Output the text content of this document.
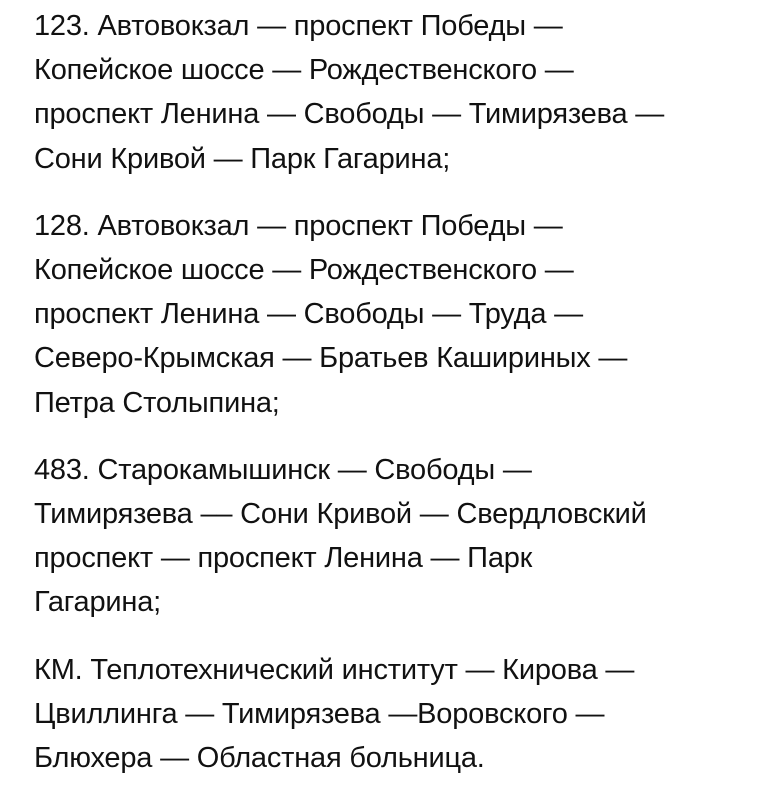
123. Автовокзал — проспект Победы —
Копейское шоссе — Рождественского —
проспект Ленина — Свободы — Тимирязева —
Сони Кривой — Парк Гагарина;

128. Автовокзал — проспект Победы —
Копейское шоссе — Рождественского —
проспект Ленина — Свободы — Труда —
Северо-Крымская — Братьев Кашириных —
Петра Столыпина;

483. Старокамышинск — Свободы —
Тимирязева –– Сони Кривой — Свердловский
проспект — проспект Ленина — Парк
Гагарина;

КМ. Теплотехнический институт — Кирова —
Цвиллинга — Тимирязева —Воровского —
Блюхера — Областная больница.
